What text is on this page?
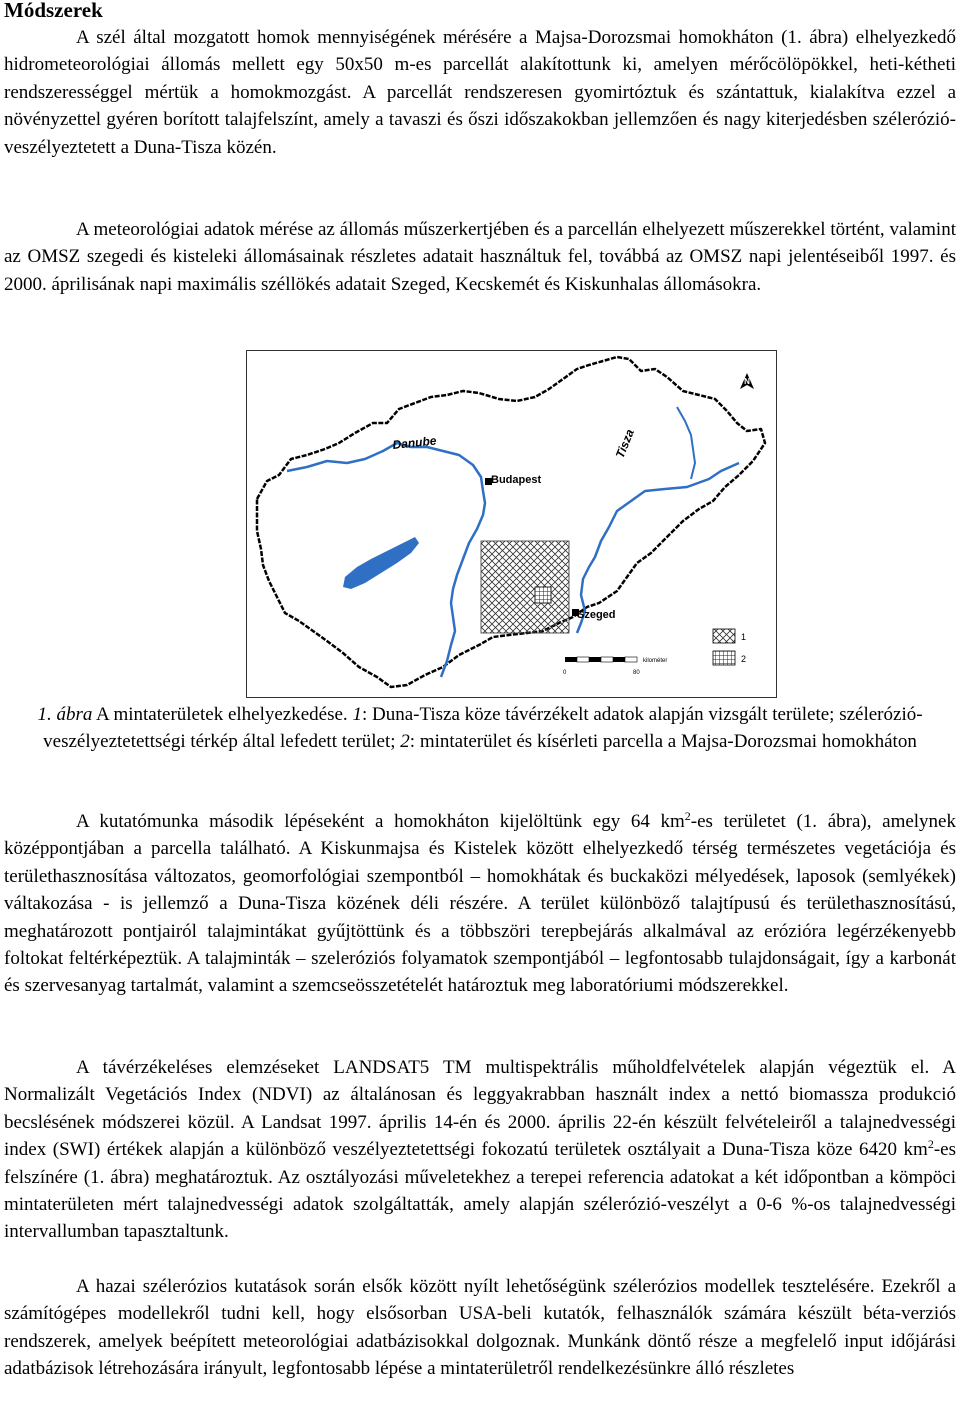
Módszerek

A szél által mozgatott homok mennyiségének mérésére a Majsa-Dorozsmai homokháton (1. ábra) elhelyezkedő hidrometeorológiai állomás mellett egy 50x50 m-es parcellát alakítottunk ki, amelyen mérőcölöpökkel, heti-kétheti rendszerességgel mértük a homokmozgást. A parcellát rendszeresen gyomirtóztuk és szántattuk, kialakítva ezzel a növényzettel gyéren borított talajfelszínt, amely a tavaszi és őszi időszakokban jellemzően és nagy kiterjedésben szélerózió-veszélyeztetett a Duna-Tisza közén.

A meteorológiai adatok mérése az állomás műszerkertjében és a parcellán elhelyezett műszerekkel történt, valamint az OMSZ szegedi és kisteleki állomásainak részletes adatait használtuk fel, továbbá az OMSZ napi jelentéseiből 1997. és 2000. áprilisának napi maximális széllökés adatait Szeged, Kecskemét és Kiskunhalas állomásokra.

N
Danube	Tisza
Budapest
Szeged
1
2
kilométer
0	80

1. ábra A mintaterületek elhelyezkedése. 1: Duna-Tisza köze távérzékelt adatok alapján vizsgált területe; szélerózió-veszélyeztetettségi térkép által lefedett terület; 2: mintaterület és kísérleti parcella a Majsa-Dorozsmai homokháton

A kutatómunka második lépéseként a homokháton kijelöltünk egy 64 $km^2-es$ területet (1. ábra), amelynek középpontjában a parcella található. A Kiskunmajsa és Kistelek között elhelyezkedő térség természetes vegetációja és területhasznosítása változatos, geomorfológiai szempontból – homokhátak és buckaközi mélyedések, laposok (semlyékek) váltakozása - is jellemző a Duna-Tisza közének déli részére. A terület különböző talajtípusú és területhasznosítású, meghatározott pontjairól talajmintákat gyűjtöttünk és a többszöri terepbejárás alkalmával az erózióra legérzékenyebb foltokat feltérképeztük. A talajminták – szeleróziós folyamatok szempontjából – legfontosabb tulajdonságait, így a karbonát és szervesanyag tartalmát, valamint a szemcseösszetételét határoztuk meg laboratóriumi módszerekkel.

A távérzékeléses elemzéseket LANDSAT5 TM multispektrális műholdfelvételek alapján végeztük el. A Normalizált Vegetációs Index (NDVI) az általánosan és leggyakrabban használt index a nettó biomassza produkció becslésének módszerei közül. A Landsat 1997. április 14-én és 2000. április 22-én készült felvételeiről a talajnedvességi index (SWI) értékek alapján a különböző veszélyeztetettségi fokozatú területek osztályait a Duna-Tisza köze 6420 $km^2-es$ felszínére (1. ábra) meghatároztuk. Az osztályozási műveletekhez a terepei referencia adatokat a két időpontban a kömpöci mintaterületen mért talajnedvességi adatok szolgáltatták, amely alapján szélerózió-veszélyt a 0-6 %-os talajnedvességi intervallumban tapasztaltunk.

A hazai szélerózios kutatások során elsők között nyílt lehetőségünk szélerózios modellek tesztelésére. Ezekről a számítógépes modellekről tudni kell, hogy elsősorban USA-beli kutatók, felhasználók számára készült béta-verziós rendszerek, amelyek beépített meteorológiai adatbázisokkal dolgoznak. Munkánk döntő része a megfelelő input időjárási adatbázisok létrehozására irányult, legfontosabb lépése a mintaterületről rendelkezésünkre álló részletes
